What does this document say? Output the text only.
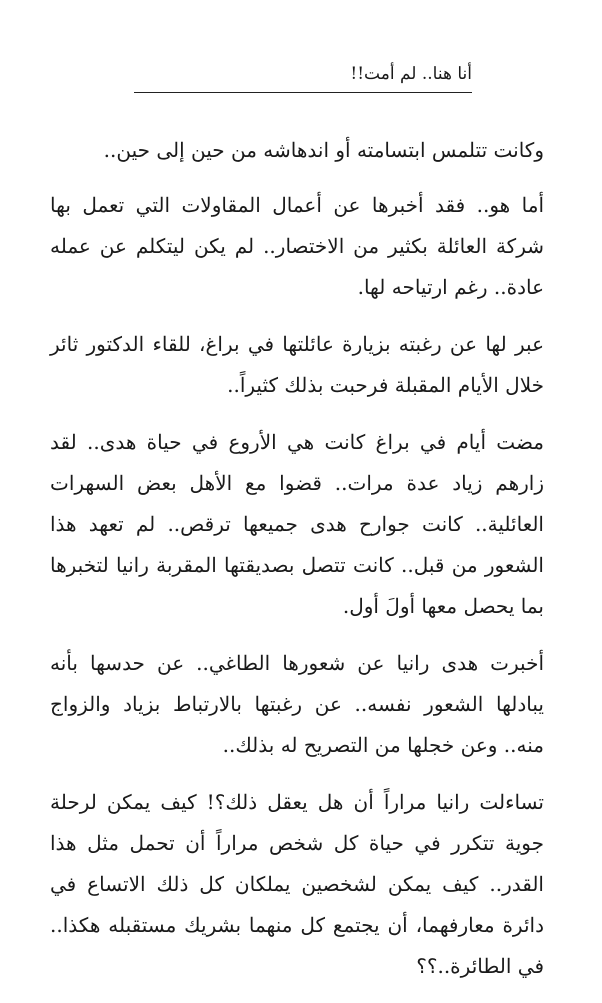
أنا هنا.. لم أمت!!

وكانت تتلمس ابتسامته أو اندهاشه من حين إلى حين..

أما هو.. فقد أخبرها عن أعمال المقاولات التي تعمل بها شركة العائلة بكثير من الاختصار.. لم يكن ليتكلم عن عمله عادة.. رغم ارتياحه لها.

عبر لها عن رغبته بزيارة عائلتها في براغ، للقاء الدكتور ثائر خلال الأيام المقبلة فرحبت بذلك كثيراً..

مضت أيام في براغ كانت هي الأروع في حياة هدى.. لقد زارهم زياد عدة مرات.. قضوا مع الأهل بعض السهرات العائلية.. كانت جوارح هدى جميعها ترقص.. لم تعهد هذا الشعور من قبل.. كانت تتصل بصديقتها المقربة رانيا لتخبرها بما يحصل معها أولَ أول.

أخبرت هدى رانيا عن شعورها الطاغي.. عن حدسها بأنه يبادلها الشعور نفسه.. عن رغبتها بالارتباط بزياد والزواج منه.. وعن خجلها من التصريح له بذلك..

تساءلت رانيا مراراً أن هل يعقل ذلك؟! كيف يمكن لرحلة جوية تتكرر في حياة كل شخص مراراً أن تحمل مثل هذا القدر.. كيف يمكن لشخصين يملكان كل ذلك الاتساع في دائرة معارفهما، أن يجتمع كل منهما بشريك مستقبله هكذا.. في الطائرة..؟؟
